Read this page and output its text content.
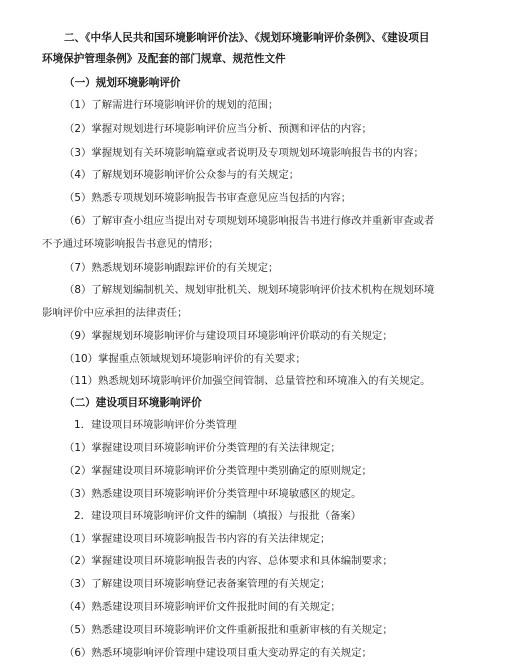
二、《中华人民共和国环境影响评价法》、《规划环境影响评价条例》、《建设项目
环境保护管理条例》及配套的部门规章、规范性文件
（一）规划环境影响评价
（1）了解需进行环境影响评价的规划的范围；
（2）掌握对规划进行环境影响评价应当分析、预测和评估的内容；
（3）掌握规划有关环境影响篇章或者说明及专项规划环境影响报告书的内容；
（4）了解规划环境影响评价公众参与的有关规定；
（5）熟悉专项规划环境影响报告书审查意见应当包括的内容；
（6）了解审查小组应当提出对专项规划环境影响报告书进行修改并重新审查或者
不予通过环境影响报告书意见的情形；
（7）熟悉规划环境影响跟踪评价的有关规定；
（8）了解规划编制机关、规划审批机关、规划环境影响评价技术机构在规划环境
影响评价中应承担的法律责任；
（9）掌握规划环境影响评价与建设项目环境影响评价联动的有关规定；
（10）掌握重点领域规划环境影响评价的有关要求；
（11）熟悉规划环境影响评价加强空间管制、总量管控和环境准入的有关规定。
（二）建设项目环境影响评价
1．建设项目环境影响评价分类管理
（1）掌握建设项目环境影响评价分类管理的有关法律规定；
（2）掌握建设项目环境影响评价分类管理中类别确定的原则规定；
（3）熟悉建设项目环境影响评价分类管理中环境敏感区的规定。
2．建设项目环境影响评价文件的编制（填报）与报批（备案）
（1）掌握建设项目环境影响报告书内容的有关法律规定；
（2）掌握建设项目环境影响报告表的内容、总体要求和具体编制要求；
（3）了解建设项目环境影响登记表备案管理的有关规定；
（4）熟悉建设项目环境影响评价文件报批时间的有关规定；
（5）熟悉建设项目环境影响评价文件重新报批和重新审核的有关规定；
（6）熟悉环境影响评价管理中建设项目重大变动界定的有关规定；
